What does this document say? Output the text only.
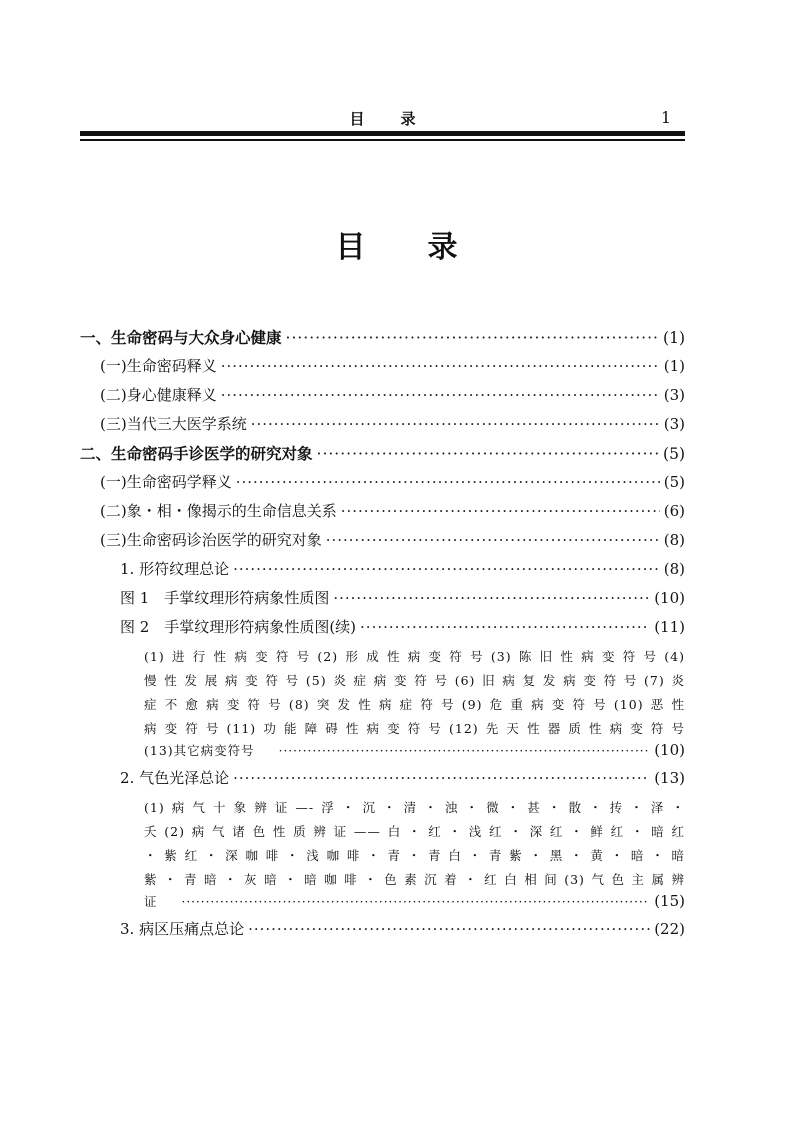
目录	1
目录
一、生命密码与大众身心健康 ·····	(1)
(一)生命密码释义 ·····	(1)
(二)身心健康释义 ·····	(3)
(三)当代三大医学系统 ·····	(3)
二、生命密码手诊医学的研究对象 ·····	(5)
(一)生命密码学释义 ·····	(5)
(二)象・相・像揭示的生命信息关系 ·····	(6)
(三)生命密码诊治医学的研究对象 ·····	(8)
1. 形符纹理总论 ·····	(8)
图 1　手掌纹理形符病象性质图 ·····	(10)
图 2　手掌纹理形符病象性质图(续) ·····	(11)
(1)进行性病变符号(2)形成性病变符号(3)陈旧性病变符号(4)
慢性发展病变符号(5)炎症病变符号(6)旧病复发病变符号(7)炎
症不愈病变符号(8)突发性病症符号(9)危重病变符号(10)恶性
病变符号(11)功能障碍性病变符号(12)先天性器质性病变符号
(13)其它病变符号 ·····	(10)
2. 气色光泽总论 ·····	(13)
(1)病气十象辨证—-浮・沉・清・浊・微・甚・散・抟・泽・
夭(2)病气诸色性质辨证——白・红・浅红・深红・鲜红・暗红
・紫红・深咖啡・浅咖啡・青・青白・青紫・黑・黄・暗・暗
紫・青暗・灰暗・暗咖啡・色素沉着・红白相间(3)气色主属辨
证 ·····	(15)
3. 病区压痛点总论 ·····	(22)
